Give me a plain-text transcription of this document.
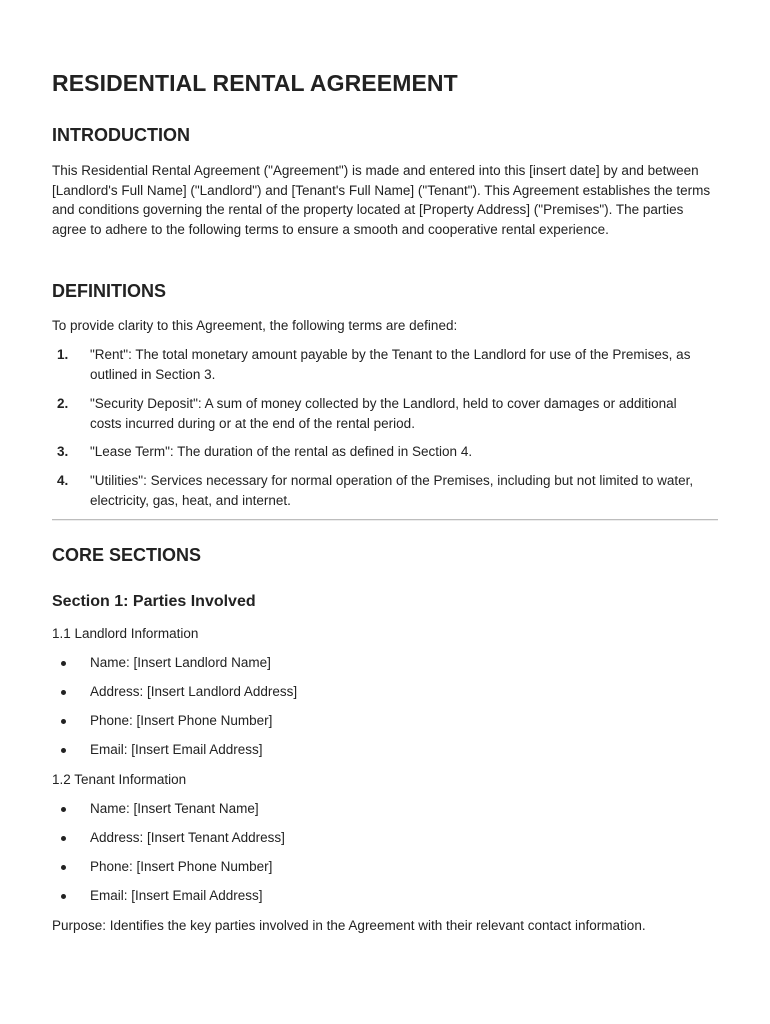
RESIDENTIAL RENTAL AGREEMENT
INTRODUCTION

This Residential Rental Agreement ("Agreement") is made and entered into this [insert date] by and between [Landlord's Full Name] ("Landlord") and [Tenant's Full Name] ("Tenant"). This Agreement establishes the terms and conditions governing the rental of the property located at [Property Address] ("Premises"). The parties agree to adhere to the following terms to ensure a smooth and cooperative rental experience.

DEFINITIONS

To provide clarity to this Agreement, the following terms are defined:

1. "Rent": The total monetary amount payable by the Tenant to the Landlord for use of the Premises, as outlined in Section 3.
2. "Security Deposit": A sum of money collected by the Landlord, held to cover damages or additional costs incurred during or at the end of the rental period.
3. "Lease Term": The duration of the rental as defined in Section 4.
4. "Utilities": Services necessary for normal operation of the Premises, including but not limited to water, electricity, gas, heat, and internet.
CORE SECTIONS
Section 1: Parties Involved

1.1 Landlord Information

Name: [Insert Landlord Name]
Address: [Insert Landlord Address]
Phone: [Insert Phone Number]
Email: [Insert Email Address]

1.2 Tenant Information

Name: [Insert Tenant Name]
Address: [Insert Tenant Address]
Phone: [Insert Phone Number]
Email: [Insert Email Address]

Purpose: Identifies the key parties involved in the Agreement with their relevant contact information.
